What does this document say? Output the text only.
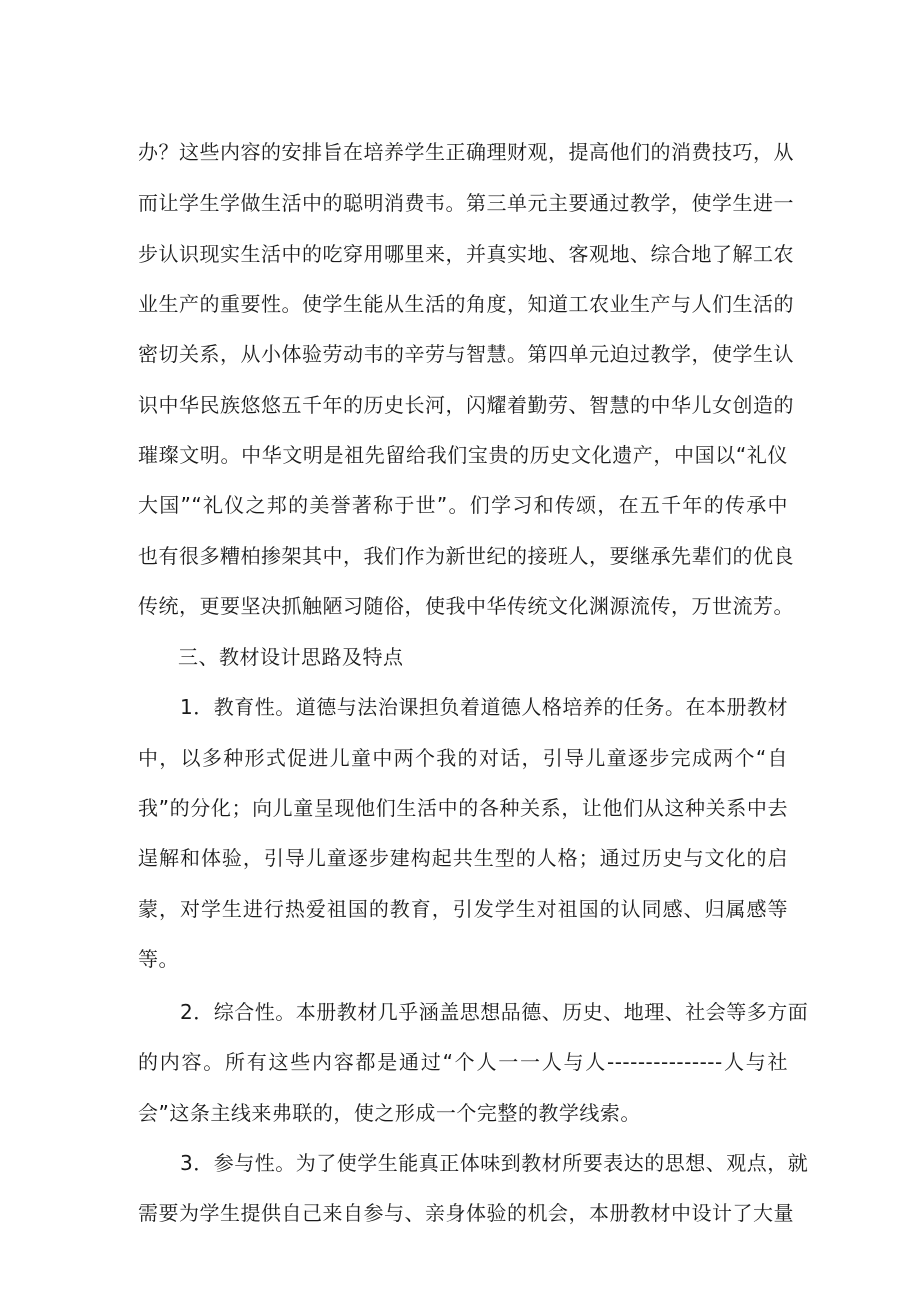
办？这些内容的安排旨在培养学生正确理财观，提高他们的消费技巧，从
而让学生学做生活中的聪明消费韦。第三单元主要通过教学，使学生进一
步认识现实生活中的吃穿用哪里来，并真实地、客观地、综合地了解工农
业生产的重要性。使学生能从生活的角度，知道工农业生产与人们生活的
密切关系，从小体验劳动韦的辛劳与智慧。第四单元迫过教学，使学生认
识中华民族悠悠五千年的历史长河，闪耀着勤劳、智慧的中华儿女创造的
璀璨文明。中华文明是祖先留给我们宝贵的历史文化遗产，中国以“礼仪
大国”“礼仪之邦的美誉著称于世”。们学习和传颂，在五千年的传承中
也有很多糟柏掺架其中，我们作为新世纪的接班人，要继承先辈们的优良
传统，更要坚决抓触陋习随俗，使我中华传统文化渊源流传，万世流芳。
三、教材设计思路及特点
1．教育性。道德与法治课担负着道德人格培养的任务。在本册教材
中，以多种形式促进儿童中两个我的对话，引导儿童逐步完成两个“自
我”的分化；向儿童呈现他们生活中的各种关系，让他们从这种关系中去
逞解和体验，引导儿童逐步建构起共生型的人格；通过历史与文化的启
蒙，对学生进行热爱祖国的教育，引发学生对祖国的认同感、归属感等
等。
2．综合性。本册教材几乎涵盖思想品德、历史、地理、社会等多方面
的内容。所有这些内容都是通过“个人一一人与人---------------人与社
会”这条主线来弗联的，使之形成一个完整的教学线索。
3．参与性。为了使学生能真正体味到教材所要表达的思想、观点，就
需要为学生提供自己来自参与、亲身体验的机会，本册教材中设计了大量
